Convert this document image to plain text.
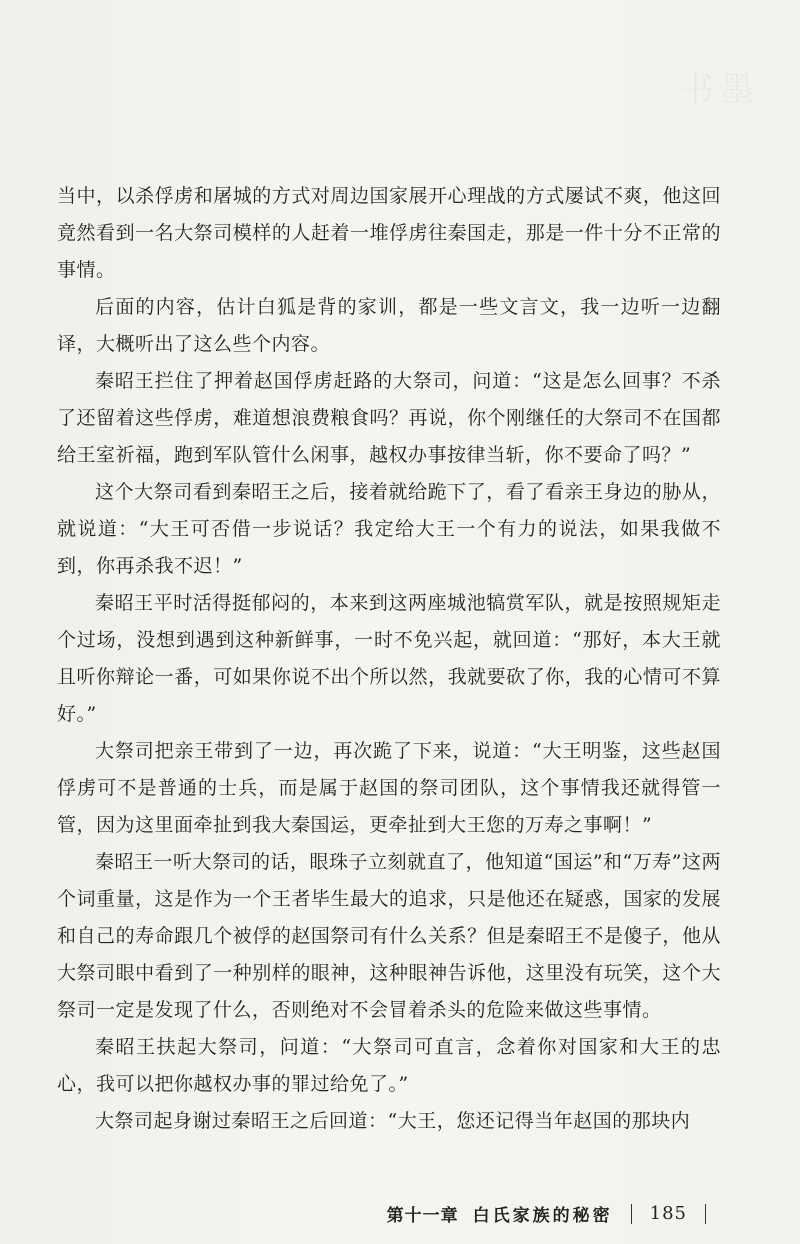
书墨

当中，以杀俘虏和屠城的方式对周边国家展开心理战的方式屡试不爽，他这回竟然看到一名大祭司模样的人赶着一堆俘虏往秦国走，那是一件十分不正常的事情。

后面的内容，估计白狐是背的家训，都是一些文言文，我一边听一边翻译，大概听出了这么些个内容。

秦昭王拦住了押着赵国俘虏赶路的大祭司，问道：“这是怎么回事？不杀了还留着这些俘虏，难道想浪费粮食吗？再说，你个刚继任的大祭司不在国都给王室祈福，跑到军队管什么闲事，越权办事按律当斩，你不要命了吗？”

这个大祭司看到秦昭王之后，接着就给跪下了，看了看亲王身边的胁从，就说道：“大王可否借一步说话？我定给大王一个有力的说法，如果我做不到，你再杀我不迟！”

秦昭王平时活得挺郁闷的，本来到这两座城池犒赏军队，就是按照规矩走个过场，没想到遇到这种新鲜事，一时不免兴起，就回道：“那好，本大王就且听你辩论一番，可如果你说不出个所以然，我就要砍了你，我的心情可不算好。”

大祭司把亲王带到了一边，再次跪了下来，说道：“大王明鉴，这些赵国俘虏可不是普通的士兵，而是属于赵国的祭司团队，这个事情我还就得管一管，因为这里面牵扯到我大秦国运，更牵扯到大王您的万寿之事啊！”

秦昭王一听大祭司的话，眼珠子立刻就直了，他知道“国运”和“万寿”这两个词重量，这是作为一个王者毕生最大的追求，只是他还在疑惑，国家的发展和自己的寿命跟几个被俘的赵国祭司有什么关系？但是秦昭王不是傻子，他从大祭司眼中看到了一种别样的眼神，这种眼神告诉他，这里没有玩笑，这个大祭司一定是发现了什么，否则绝对不会冒着杀头的危险来做这些事情。

秦昭王扶起大祭司，问道：“大祭司可直言，念着你对国家和大王的忠心，我可以把你越权办事的罪过给免了。”

大祭司起身谢过秦昭王之后回道：“大王，您还记得当年赵国的那块内

第十一章 白氏家族的秘密 185
